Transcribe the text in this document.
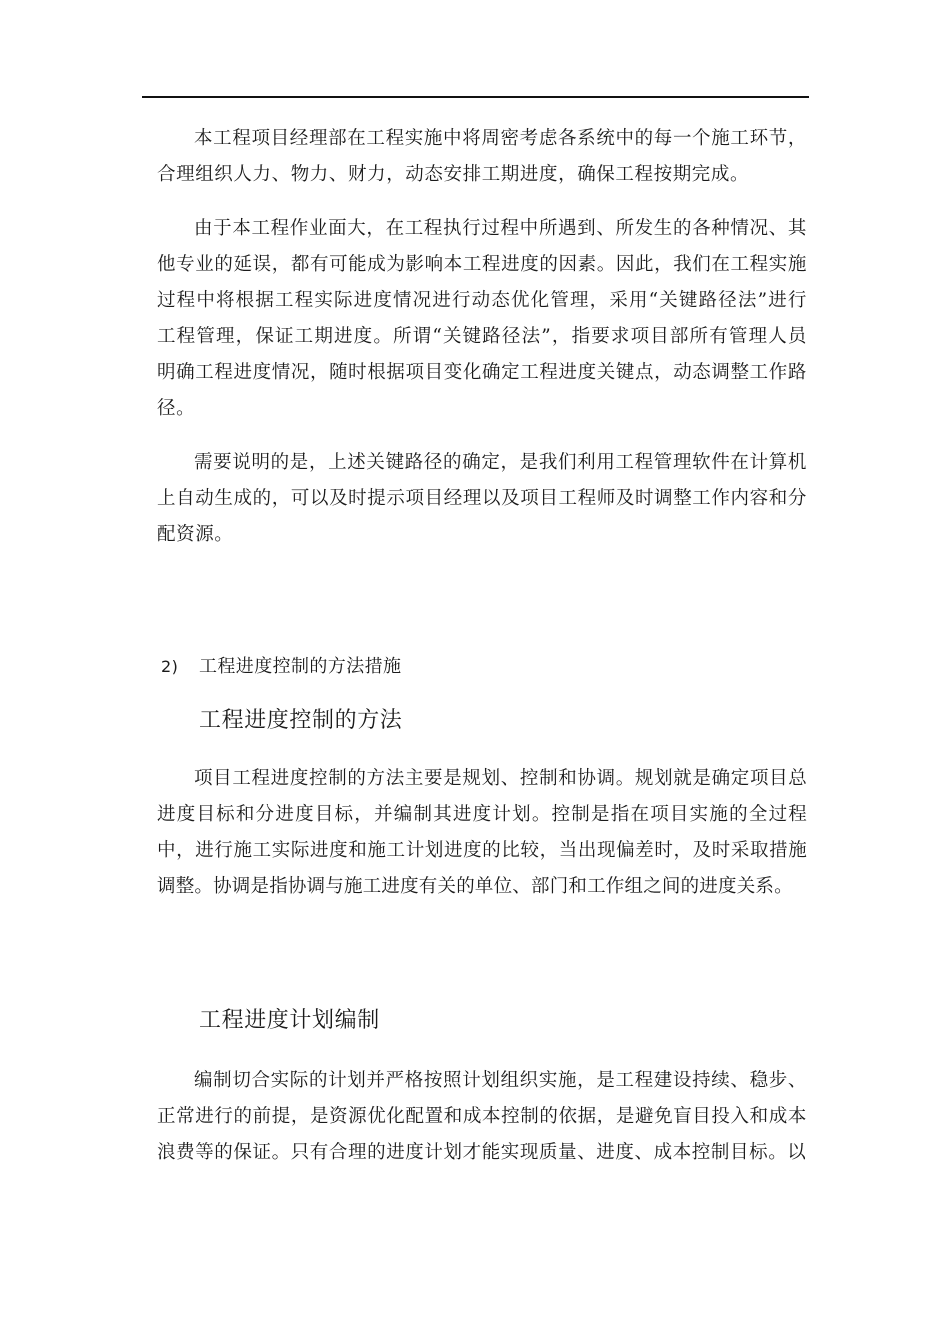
本工程项目经理部在工程实施中将周密考虑各系统中的每一个施工环节，合理组织人力、物力、财力，动态安排工期进度，确保工程按期完成。

由于本工程作业面大，在工程执行过程中所遇到、所发生的各种情况、其他专业的延误，都有可能成为影响本工程进度的因素。因此，我们在工程实施过程中将根据工程实际进度情况进行动态优化管理，采用“关键路径法”进行工程管理，保证工期进度。所谓“关键路径法”，指要求项目部所有管理人员明确工程进度情况，随时根据项目变化确定工程进度关键点，动态调整工作路径。

需要说明的是，上述关键路径的确定，是我们利用工程管理软件在计算机上自动生成的，可以及时提示项目经理以及项目工程师及时调整工作内容和分配资源。

2) 工程进度控制的方法措施

工程进度控制的方法

项目工程进度控制的方法主要是规划、控制和协调。规划就是确定项目总进度目标和分进度目标，并编制其进度计划。控制是指在项目实施的全过程中，进行施工实际进度和施工计划进度的比较，当出现偏差时，及时采取措施调整。协调是指协调与施工进度有关的单位、部门和工作组之间的进度关系。

工程进度计划编制

编制切合实际的计划并严格按照计划组织实施，是工程建设持续、稳步、正常进行的前提，是资源优化配置和成本控制的依据，是避免盲目投入和成本浪费等的保证。只有合理的进度计划才能实现质量、进度、成本控制目标。以
